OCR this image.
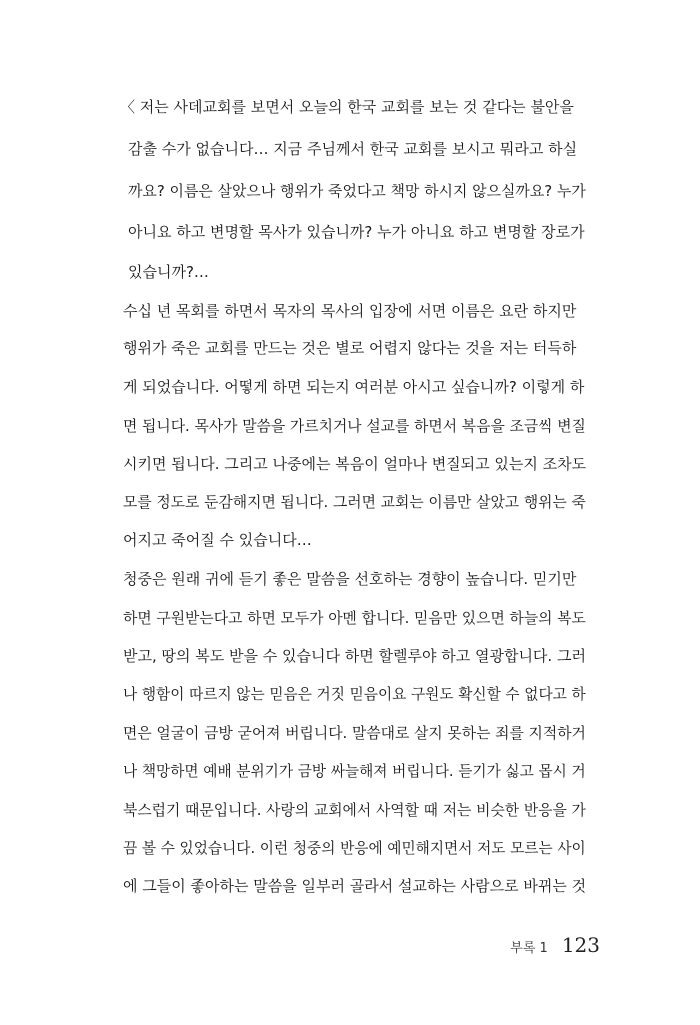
〈 저는 사데교회를 보면서 오늘의 한국 교회를 보는 것 같다는 불안을
감출 수가 없습니다… 지금 주님께서 한국 교회를 보시고 뭐라고 하실
까요? 이름은 살았으나 행위가 죽었다고 책망 하시지 않으실까요? 누가
아니요 하고 변명할 목사가 있습니까? 누가 아니요 하고 변명할 장로가
있습니까?…
수십 년 목회를 하면서 목자의 목사의 입장에 서면 이름은 요란 하지만
행위가 죽은 교회를 만드는 것은 별로 어렵지 않다는 것을 저는 터득하
게 되었습니다. 어떻게 하면 되는지 여러분 아시고 싶습니까? 이렇게 하
면 됩니다. 목사가 말씀을 가르치거나 설교를 하면서 복음을 조금씩 변질
시키면 됩니다. 그리고 나중에는 복음이 얼마나 변질되고 있는지 조차도
모를 정도로 둔감해지면 됩니다. 그러면 교회는 이름만 살았고 행위는 죽
어지고 죽어질 수 있습니다…
청중은 원래 귀에 듣기 좋은 말씀을 선호하는 경향이 높습니다. 믿기만
하면 구원받는다고 하면 모두가 아멘 합니다. 믿음만 있으면 하늘의 복도
받고, 땅의 복도 받을 수 있습니다 하면 할렐루야 하고 열광합니다. 그러
나 행함이 따르지 않는 믿음은 거짓 믿음이요 구원도 확신할 수 없다고 하
면은 얼굴이 금방 굳어져 버립니다. 말씀대로 살지 못하는 죄를 지적하거
나 책망하면 예배 분위기가 금방 싸늘해져 버립니다. 듣기가 싫고 몹시 거
북스럽기 때문입니다. 사랑의 교회에서 사역할 때 저는 비슷한 반응을 가
끔 볼 수 있었습니다. 이런 청중의 반응에 예민해지면서 저도 모르는 사이
에 그들이 좋아하는 말씀을 일부러 골라서 설교하는 사람으로 바뀌는 것
부록 1 123
